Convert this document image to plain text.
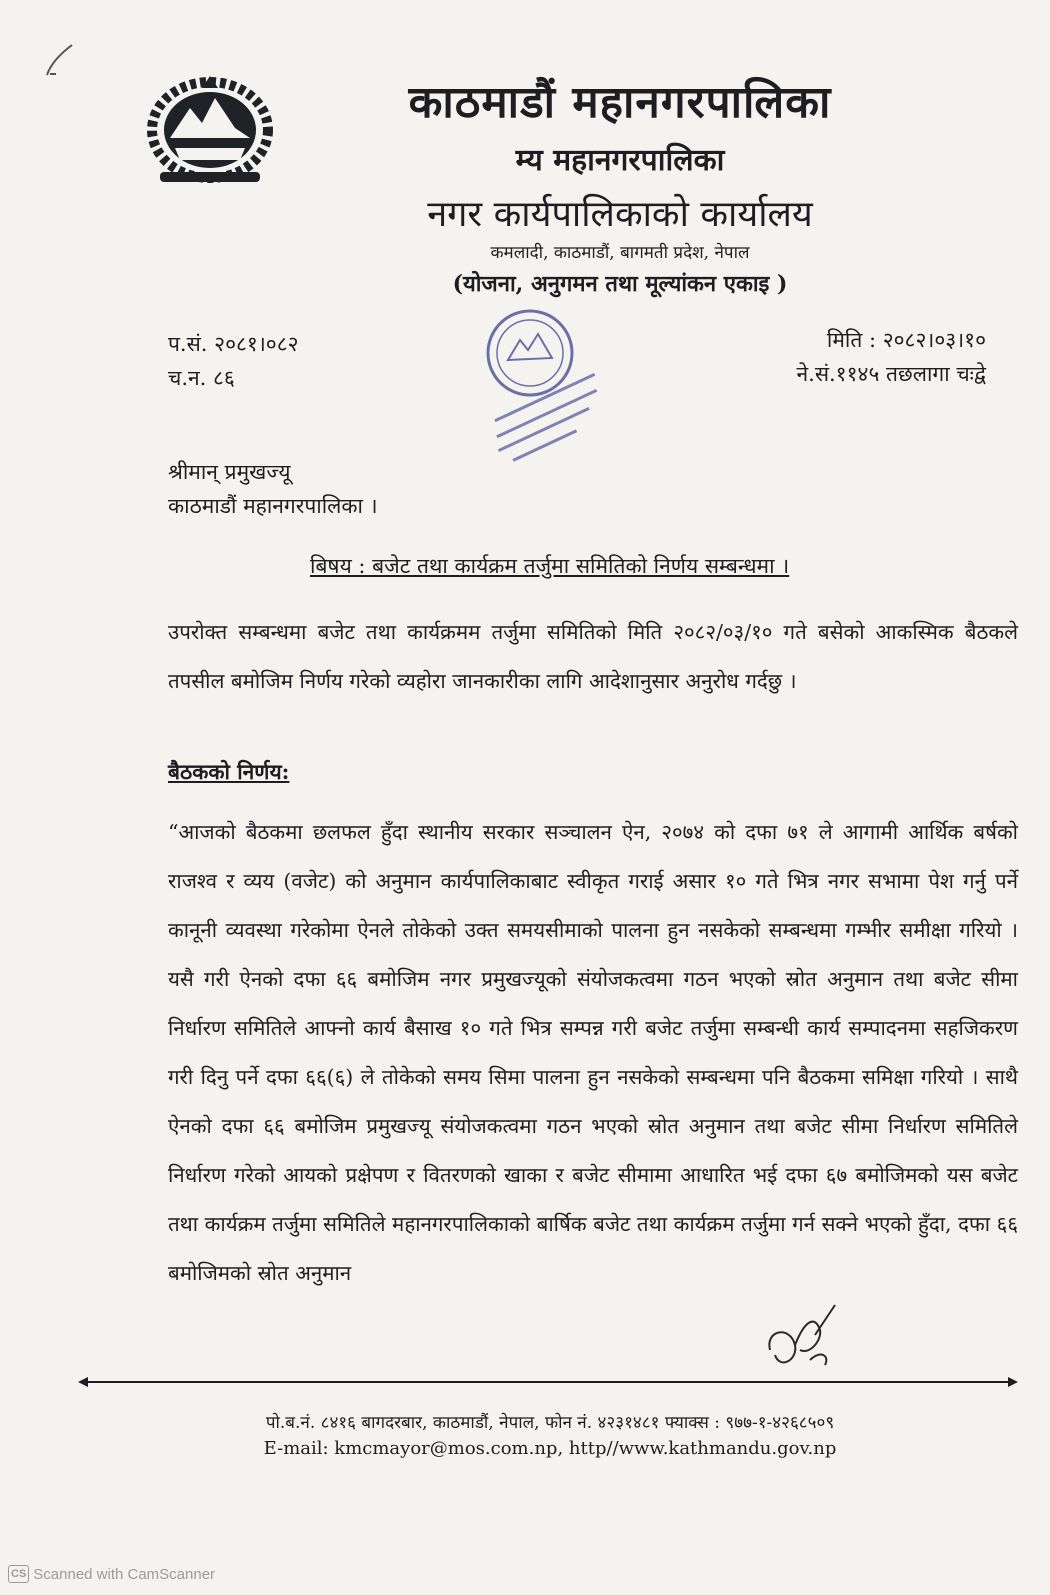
काठमाडौं महानगरपालिका
म्य महानगरपालिका
नगर कार्यपालिकाको कार्यालय
कमलादी, काठमाडौं, बागमती प्रदेश, नेपाल
(योजना, अनुगमन तथा मूल्यांकन एकाइ )
प.सं. २०८१।०८२
च.न. ८६
मिति : २०८२।०३।१०
ने.सं.११४५ तछलागा चःद्वे
श्रीमान् प्रमुखज्यू
काठमाडौं महानगरपालिका ।
बिषय : बजेट तथा कार्यक्रम तर्जुमा समितिको निर्णय सम्बन्धमा ।
उपरोक्त सम्बन्धमा बजेट तथा कार्यक्रमम तर्जुमा समितिको मिति २०८२/०३/१० गते बसेको आकस्मिक बैठकले तपसील बमोजिम निर्णय गरेको व्यहोरा जानकारीका लागि आदेशानुसार अनुरोध गर्दछु ।
बैठकको निर्णय:
“आजको बैठकमा छलफल हुँदा स्थानीय सरकार सञ्चालन ऐन, २०७४ को दफा ७१ ले आगामी आर्थिक बर्षको राजश्व र व्यय (वजेट) को अनुमान कार्यपालिकाबाट स्वीकृत गराई असार १० गते भित्र नगर सभामा पेश गर्नु पर्ने कानूनी व्यवस्था गरेकोमा ऐनले तोकेको उक्त समयसीमाको पालना हुन नसकेको सम्बन्धमा गम्भीर समीक्षा गरियो । यसै गरी ऐनको दफा ६६ बमोजिम नगर प्रमुखज्यूको संयोजकत्वमा गठन भएको स्रोत अनुमान तथा बजेट सीमा निर्धारण समितिले आफ्नो कार्य बैसाख १० गते भित्र सम्पन्न गरी बजेट तर्जुमा सम्बन्धी कार्य सम्पादनमा सहजिकरण गरी दिनु पर्ने दफा ६६(६) ले तोकेको समय सिमा पालना हुन नसकेको सम्बन्धमा पनि बैठकमा समिक्षा गरियो । साथै ऐनको दफा ६६ बमोजिम प्रमुखज्यू संयोजकत्वमा गठन भएको स्रोत अनुमान तथा बजेट सीमा निर्धारण समितिले निर्धारण गरेको आयको प्रक्षेपण र वितरणको खाका र बजेट सीमामा आधारित भई दफा ६७ बमोजिमको यस बजेट तथा कार्यक्रम तर्जुमा समितिले महानगरपालिकाको बार्षिक बजेट तथा कार्यक्रम तर्जुमा गर्न सक्ने भएको हुँदा, दफा ६६ बमोजिमको स्रोत अनुमान
पो.ब.नं. ८४१६ बागदरबार, काठमाडौं, नेपाल, फोन नं. ४२३१४८१ फ्याक्स : ९७७-१-४२६८५०९
E-mail: kmcmayor@mos.com.np, http//www.kathmandu.gov.np
CS Scanned with CamScanner
